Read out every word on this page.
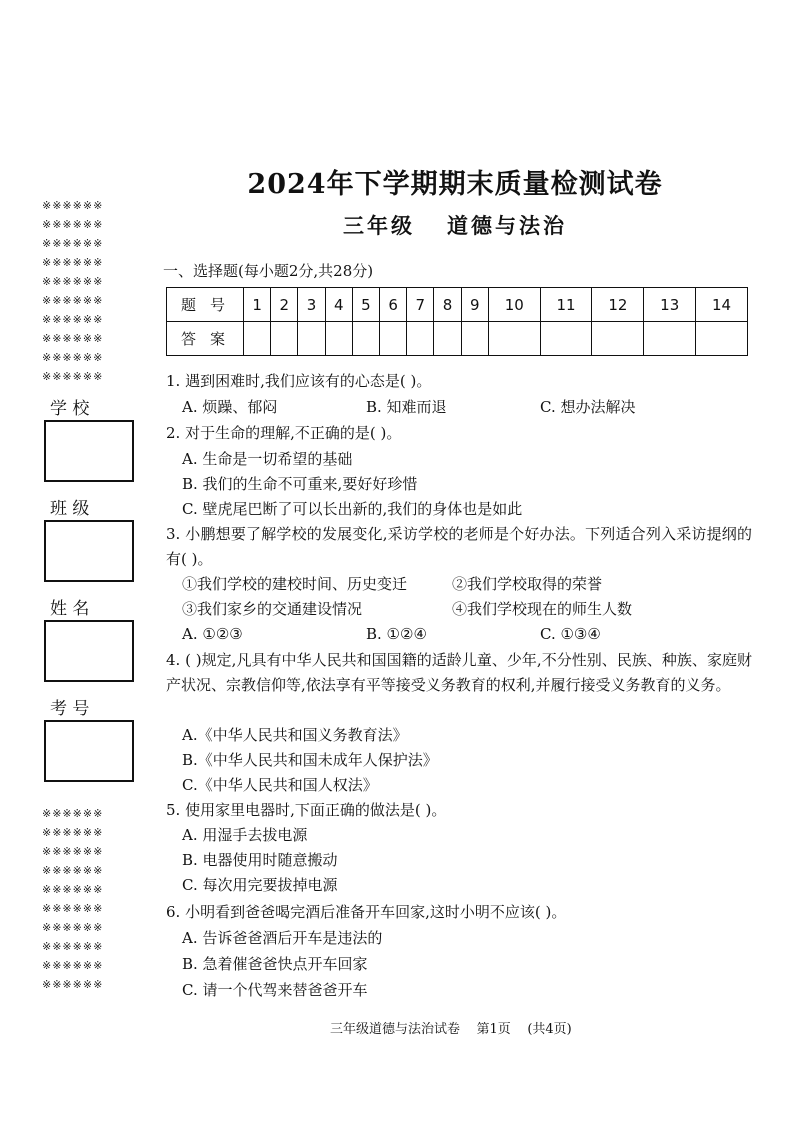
※※※※※※
※※※※※※
※※※※※※
※※※※※※
※※※※※※
※※※※※※
※※※※※※
※※※※※※
※※※※※※
※※※※※※
学 校
班 级
姓 名
考 号
※※※※※※
※※※※※※
※※※※※※
※※※※※※
※※※※※※
※※※※※※
※※※※※※
※※※※※※
※※※※※※
※※※※※※
2024年下学期期末质量检测试卷
三年级 道德与法治
一、选择题(每小题2分,共28分)
题号	1	2	3	4	5	6	7	8	9	10	11	12	13	14
答案														
1. 遇到困难时,我们应该有的心态是( )。
A. 烦躁、郁闷	B. 知难而退	C. 想办法解决
2. 对于生命的理解,不正确的是( )。
A. 生命是一切希望的基础
B. 我们的生命不可重来,要好好珍惜
C. 壁虎尾巴断了可以长出新的,我们的身体也是如此
3. 小鹏想要了解学校的发展变化,采访学校的老师是个好办法。下列适合列入采访提纲的有( )。
①我们学校的建校时间、历史变迁	②我们学校取得的荣誉
③我们家乡的交通建设情况	④我们学校现在的师生人数
A. ①②③	B. ①②④	C. ①③④
4. ( )规定,凡具有中华人民共和国国籍的适龄儿童、少年,不分性别、民族、种族、家庭财产状况、宗教信仰等,依法享有平等接受义务教育的权利,并履行接受义务教育的义务。
A.《中华人民共和国义务教育法》
B.《中华人民共和国未成年人保护法》
C.《中华人民共和国人权法》
5. 使用家里电器时,下面正确的做法是( )。
A. 用湿手去拔电源
B. 电器使用时随意搬动
C. 每次用完要拔掉电源
6. 小明看到爸爸喝完酒后准备开车回家,这时小明不应该( )。
A. 告诉爸爸酒后开车是违法的
B. 急着催爸爸快点开车回家
C. 请一个代驾来替爸爸开车
三年级道德与法治试卷    第1页    (共4页)
